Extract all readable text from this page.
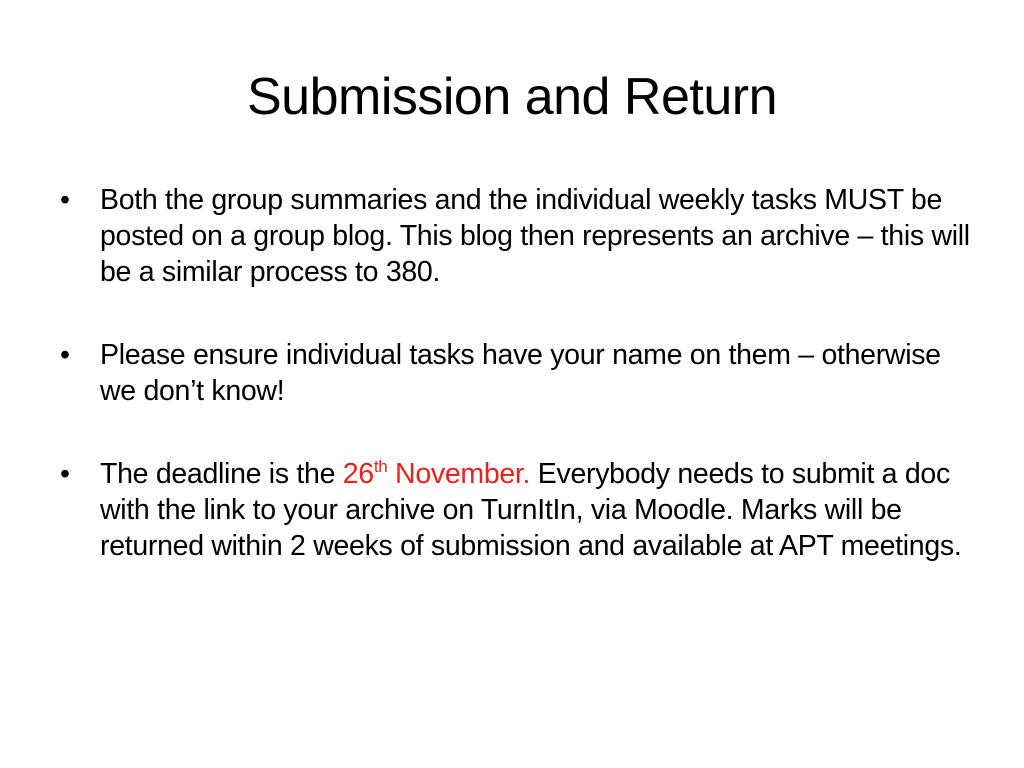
Submission and Return
•	Both the group summaries and the individual weekly tasks MUST be posted on a group blog. This blog then represents an archive – this will be a similar process to 380.
•	Please ensure individual tasks have your name on them – otherwise we don’t know!
•	The deadline is the 26th November. Everybody needs to submit a doc with the link to your archive on TurnItIn, via Moodle. Marks will be returned within 2 weeks of submission and available at APT meetings.
